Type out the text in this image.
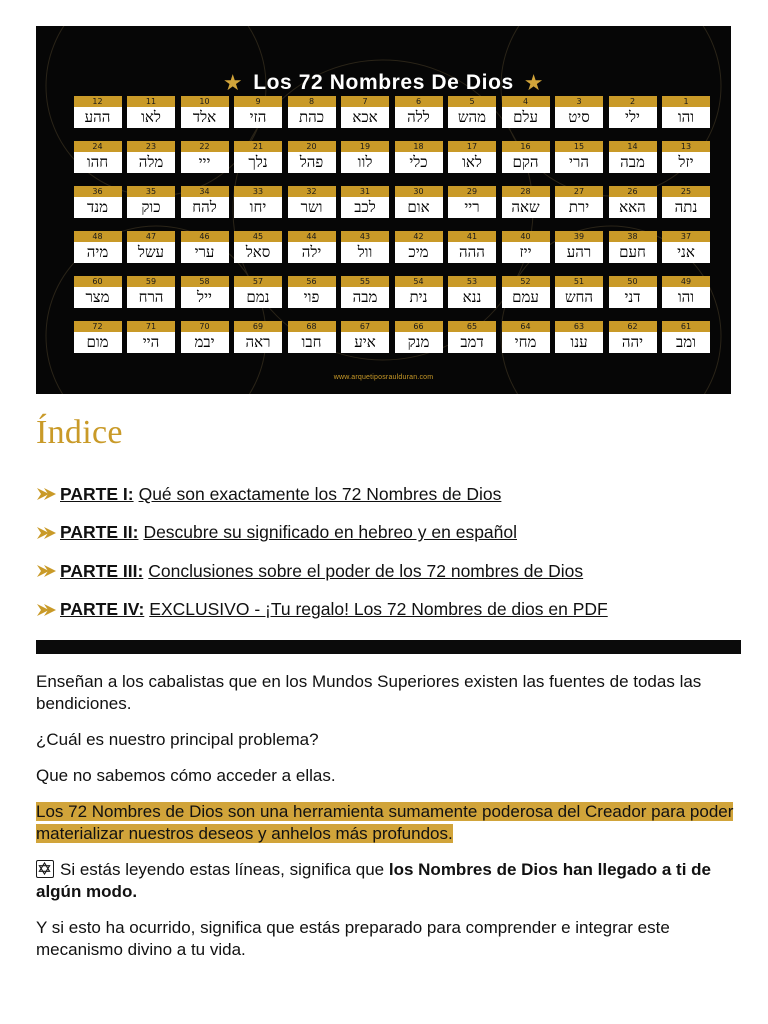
★ Los 72 Nombres De Dios ★
1
והו
2
ילי
3
סיט
4
עלם
5
מהש
6
ללה
7
אכא
8
כהת
9
הזי
10
אלד
11
לאו
12
ההע
13
יזל
14
מבה
15
הרי
16
הקם
17
לאו
18
כלי
19
לוו
20
פהל
21
נלך
22
ייי
23
מלה
24
חהו
25
נתה
26
האא
27
ירת
28
שאה
29
ריי
30
אום
31
לכב
32
ושר
33
יחו
34
להח
35
כוק
36
מנד
37
אני
38
חעם
39
רהע
40
ייז
41
ההה
42
מיכ
43
וול
44
ילה
45
סאל
46
ערי
47
עשל
48
מיה
49
והו
50
דני
51
החש
52
עמם
53
ננא
54
נית
55
מבה
56
פוי
57
נמם
58
ייל
59
הרח
60
מצר
61
ומב
62
יהה
63
ענו
64
מחי
65
דמב
66
מנק
67
איע
68
חבו
69
ראה
70
יבמ
71
היי
72
מום
www.arquetiposraulduran.com
Índice
PARTE I: Qué son exactamente los 72 Nombres de Dios
PARTE II: Descubre su significado en hebreo y en español
PARTE III: Conclusiones sobre el poder de los 72 nombres de Dios
PARTE IV: EXCLUSIVO - ¡Tu regalo! Los 72 Nombres de dios en PDF

Enseñan a los cabalistas que en los Mundos Superiores existen las fuentes de todas las bendiciones.

¿Cuál es nuestro principal problema?

Que no sabemos cómo acceder a ellas.

Los 72 Nombres de Dios son una herramienta sumamente poderosa del Creador para poder materializar nuestros deseos y anhelos más profundos.

Si estás leyendo estas líneas, significa que los Nombres de Dios han llegado a ti de algún modo.

Y si esto ha ocurrido, significa que estás preparado para comprender e integrar este mecanismo divino a tu vida.
